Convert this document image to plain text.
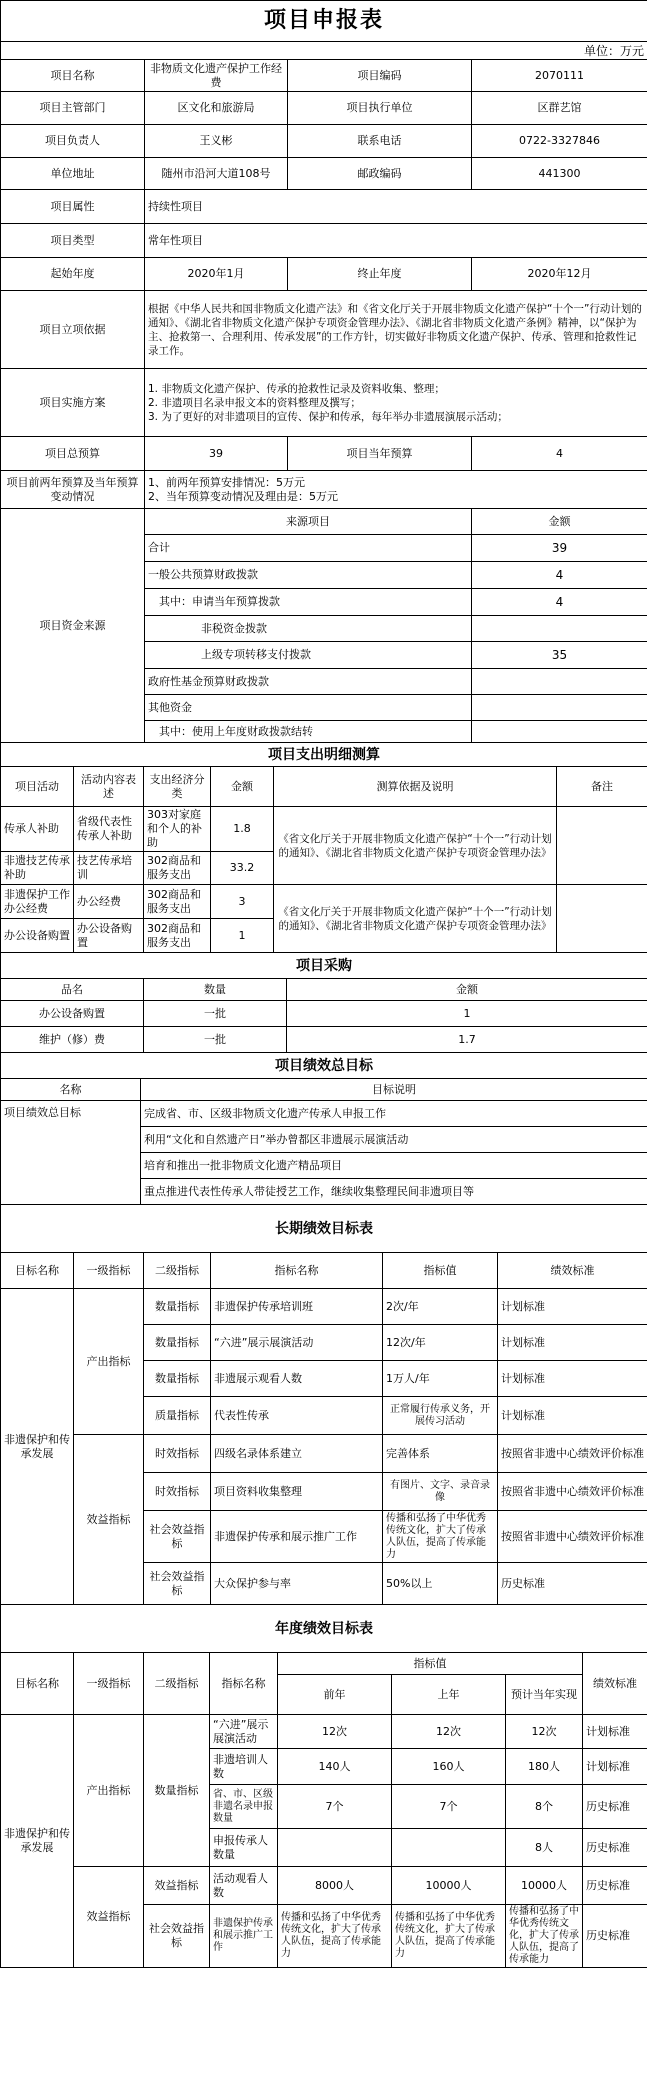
项目申报表			
单位：万元			
项目名称	非物质文化遗产保护工作经费	项目编码	2070111
项目主管部门	区文化和旅游局	项目执行单位	区群艺馆
项目负责人	王义彬	联系电话	0722-3327846
单位地址	随州市沿河大道108号	邮政编码	441300
项目属性	持续性项目		
项目类型	常年性项目		
起始年度	2020年1月	终止年度	2020年12月
项目立项依据	根据《中华人民共和国非物质文化遗产法》和《省文化厅关于开展非物质文化遗产保护“十个一”行动计划的通知》、《湖北省非物质文化遗产保护专项资金管理办法》、《湖北省非物质文化遗产条例》精神，以“保护为主、抢救第一、合理利用、传承发展”的工作方针，切实做好非物质文化遗产保护、传承、管理和抢救性记录工作。		
项目实施方案	1. 非物质文化遗产保护、传承的抢救性记录及资料收集、整理；
2. 非遗项目名录申报文本的资料整理及撰写；
3. 为了更好的对非遗项目的宣传、保护和传承，每年举办非遗展演展示活动；		

项目总预算	39	项目当年预算	4
项目前两年预算及当年预算变动情况	1、前两年预算安排情况：5万元
2、当年预算变动情况及理由是：5万元		
项目资金来源	来源项目	金额
	合计	39
	一般公共预算财政拨款	4
	其中：申请当年预算拨款	4
	非税资金拨款	
	上级专项转移支付拨款	35
	政府性基金预算财政拨款	
	其他资金	
	其中：使用上年度财政拨款结转	
项目支出明细测算					
项目活动	活动内容表述	支出经济分类	金额	测算依据及说明	备注
传承人补助	省级代表性传承人补助	303对家庭和个人的补助	1.8	《省文化厅关于开展非物质文化遗产保护“十个一”行动计划的通知》、《湖北省非物质文化遗产保护专项资金管理办法》	
非遗技艺传承补助	技艺传承培训	302商品和服务支出	33.2		
非遗保护工作办公经费	办公经费	302商品和服务支出	3	《省文化厅关于开展非物质文化遗产保护“十个一”行动计划的通知》、《湖北省非物质文化遗产保护专项资金管理办法》	
办公设备购置	办公设备购置	302商品和服务支出	1		
项目采购		
品名	数量	金额
办公设备购置	一批	1
维护（修）费	一批	1.7
项目绩效总目标	
名称	目标说明
项目绩效总目标	完成省、市、区级非物质文化遗产传承人申报工作
	利用“文化和自然遗产日”举办曾都区非遗展示展演活动
	培育和推出一批非物质文化遗产精品项目
	重点推进代表性传承人带徒授艺工作，继续收集整理民间非遗项目等
长期绩效目标表					
目标名称	一级指标	二级指标	指标名称	指标值	绩效标准
非遗保护和传承发展	产出指标	数量指标	非遗保护传承培训班	2次/年	计划标准
		数量指标	“六进”展示展演活动	12次/年	计划标准
		数量指标	非遗展示观看人数	1万人/年	计划标准
		质量指标	代表性传承	正常履行传承义务，开展传习活动	计划标准
	效益指标	时效指标	四级名录体系建立	完善体系	按照省非遗中心绩效评价标准
		时效指标	项目资料收集整理	有图片、文字、录音录像	按照省非遗中心绩效评价标准
		社会效益指标	非遗保护传承和展示推广工作	传播和弘扬了中华优秀传统文化，扩大了传承人队伍，提高了传承能力	按照省非遗中心绩效评价标准
		社会效益指标	大众保护参与率	50%以上	历史标准
年度绩效目标表							
目标名称	一级指标	二级指标	指标名称	指标值			绩效标准
				前年	上年	预计当年实现	
非遗保护和传承发展	产出指标	数量指标	“六进”展示展演活动	12次	12次	12次	计划标准
			非遗培训人数	140人	160人	180人	计划标准
			省、市、区级非遗名录申报数量	7个	7个	8个	历史标准
			申报传承人数量			8人	历史标准
	效益指标	效益指标	活动观看人数	8000人	10000人	10000人	历史标准
		社会效益指标	非遗保护传承和展示推广工作	传播和弘扬了中华优秀传统文化，扩大了传承人队伍，提高了传承能力	传播和弘扬了中华优秀传统文化，扩大了传承人队伍，提高了传承能力	传播和弘扬了中华优秀传统文化，扩大了传承人队伍，提高了传承能力	历史标准
